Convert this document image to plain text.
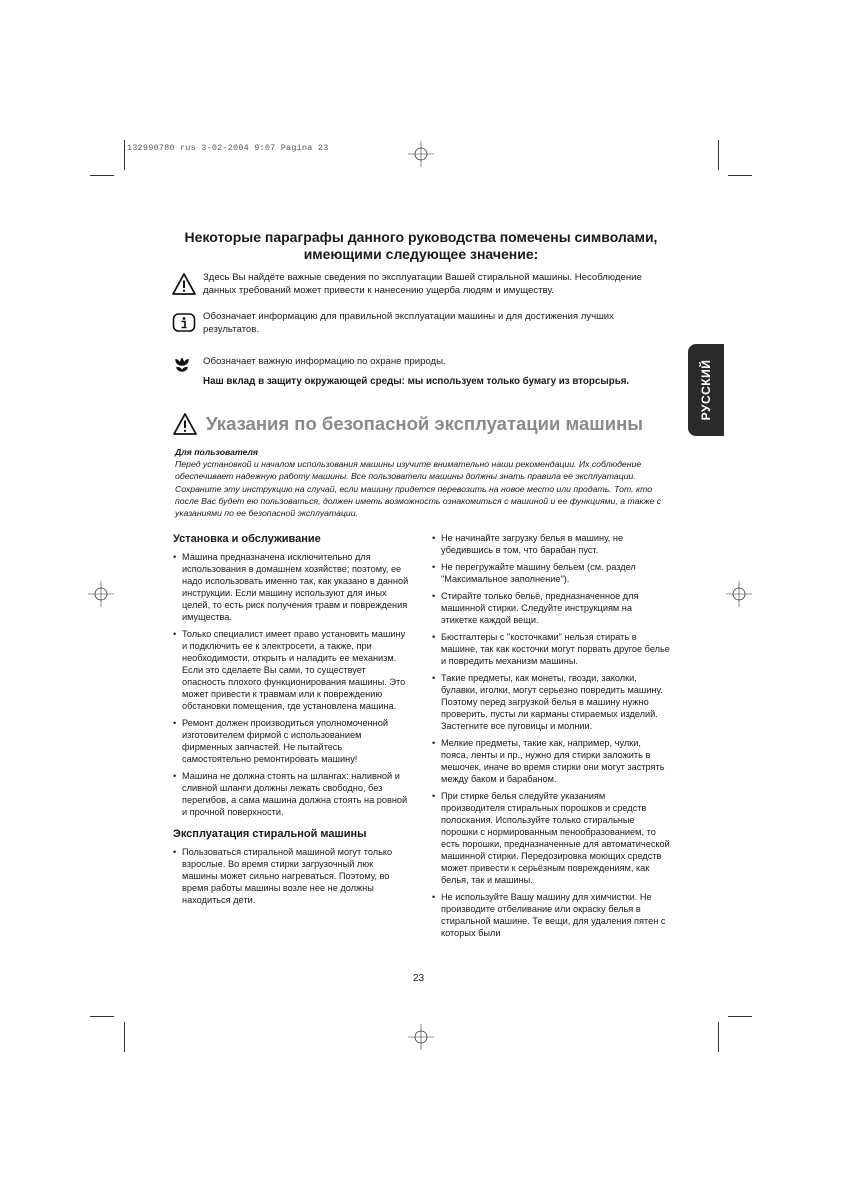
132990780 rus 3-02-2004 9:07 Pagina 23
Некоторые параграфы данного руководства помечены символами,
имеющими следующее значение:
Здесь Вы найдёте важные сведения по эксплуатации Вашей стиральной машины. Несоблюдение данных требований может привести к нанесению ущерба людям и имуществу.
Обозначает информацию для правильной эксплуатации машины и для достижения лучших результатов.
Обозначает важную информацию по охране природы.
Наш вклад в защиту окружающей среды: мы используем только бумагу из вторсырья.	РУССКИЙ
Указания по безопасной эксплуатации машины
Для пользователя
Перед установкой и началом использования машины изучите внимательно наши рекомендации. Их соблюдение обеспечивает надежную работу машины. Все пользователи машины должны знать правила ее эксплуатации. Сохраните эту инструкцию на случай, если машину придется перевозить на новое место или продать. Тот, кто после Вас будет ею пользоваться, должен иметь возможность ознакомиться с машиной и ее функциями, а также с указаниями по ее безопасной эксплуатации.
Установка и обслуживание
• Машина предназначена исключительно для использования в домашнем хозяйстве; поэтому, ее надо использовать именно так, как указано в данной инструкции. Если машину используют для иных целей, то есть риск получения травм и повреждения имущества.
• Только специалист имеет право установить машину и подключить ее к электросети, а также, при необходимости, открыть и наладить ее механизм. Если это сделаете Вы сами, то существует опасность плохого функционирования машины. Это может привести к травмам или к повреждению обстановки помещения, где установлена машина.
• Ремонт должен производиться уполномоченной изготовителем фирмой с использованием фирменных запчастей. Не пытайтесь самостоятельно ремонтировать машину!
• Машина не должна стоять на шлангах: наливной и сливной шланги должны лежать свободно, без перегибов, а сама машина должна стоять на ровной и прочной поверхности.
Эксплуатация стиральной машины
• Пользоваться стиральной машиной могут только взрослые. Во время стирки загрузочный люк машины может сильно нагреваться. Поэтому, во время работы машины возле нее не должны находиться дети.
• Не начинайте загрузку белья в машину, не убедившись в том, что барабан пуст.
• Не перегружайте машину бельем (см. раздел "Максимальное заполнение").
• Стирайте только бельё, предназначенное для машинной стирки. Следуйте инструкциям на этикетке каждой вещи.
• Бюстгалтеры с "косточками" нельзя стирать в машине, так как косточки могут порвать другое белье и повредить механизм машины.
• Такие предметы, как монеты, гвозди, заколки, булавки, иголки, могут серьезно повредить машину. Поэтому перед загрузкой белья в машину нужно проверить, пусты ли карманы стираемых изделий. Застегните все пуговицы и молнии.
• Мелкие предметы, такие как, например, чулки, пояса, ленты и пр., нужно для стирки заложить в мешочек, иначе во время стирки они могут застрять между баком и барабаном.
• При стирке белья следуйте указаниям производителя стиральных порошков и средств полоскания. Используйте только стиральные порошки с нормированным пенообразованием, то есть порошки, предназначенные для автоматической машинной стирки. Передозировка моющих средств может привести к серьёзным повреждениям, как белья, так и машины.
• Не используйте Вашу машину для химчистки. Не производите отбеливание или окраску белья в стиральной машине. Те вещи, для удаления пятен с которых были
23
